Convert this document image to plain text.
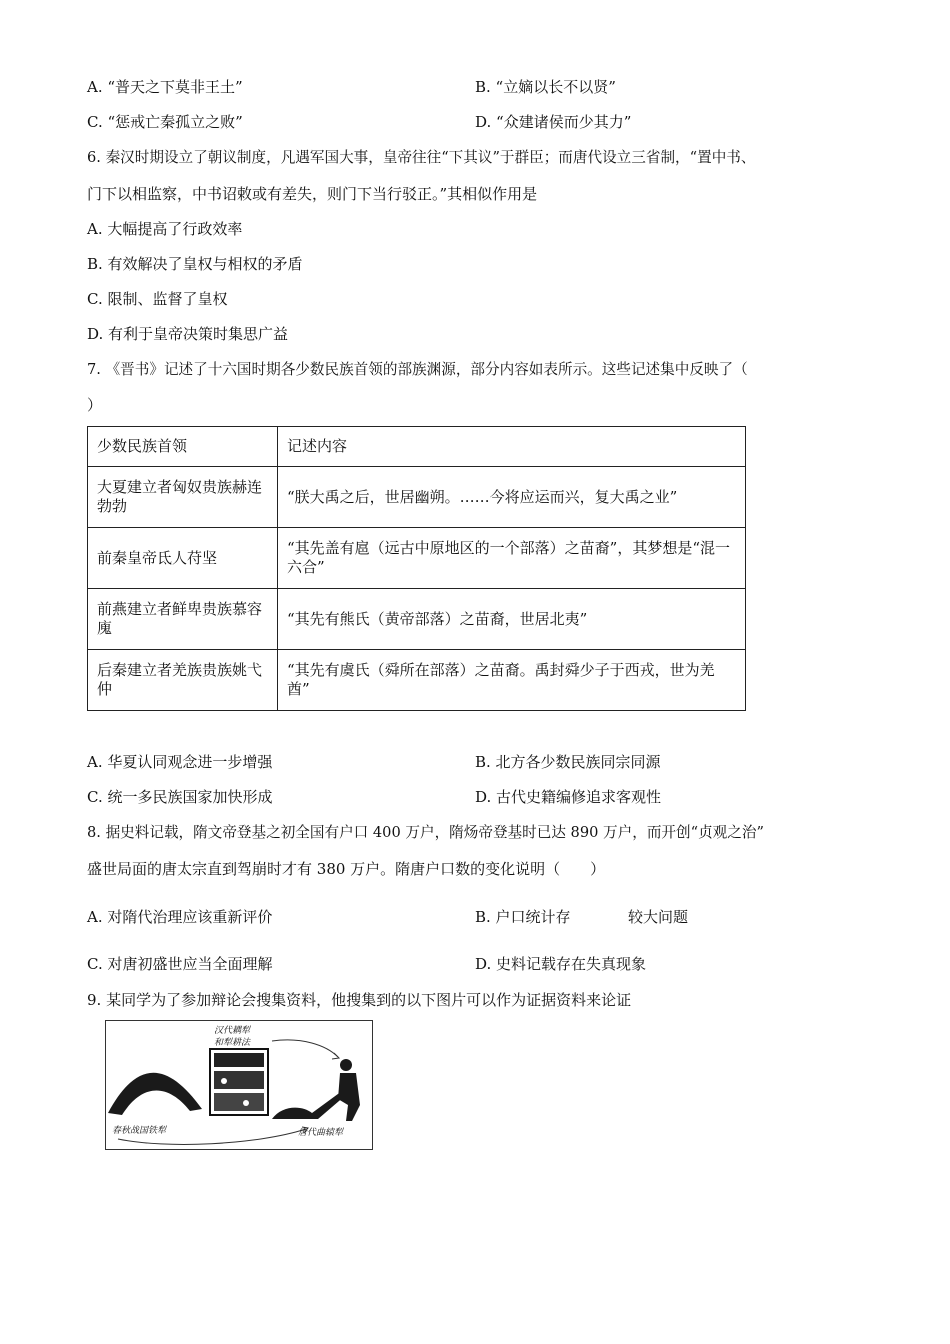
A. “普天之下莫非王土”	B. “立嫡以长不以贤”
C. “惩戒亡秦孤立之败”	D. “众建诸侯而少其力”
6. 秦汉时期设立了朝议制度，凡遇军国大事，皇帝往往“下其议”于群臣；而唐代设立三省制，“置中书、
门下以相监察，中书诏敕或有差失，则门下当行驳正。”其相似作用是
A. 大幅提高了行政效率
B. 有效解决了皇权与相权的矛盾
C. 限制、监督了皇权
D. 有利于皇帝决策时集思广益
7. 《晋书》记述了十六国时期各少数民族首领的部族渊源，部分内容如表所示。这些记述集中反映了（
）
少数民族首领	记述内容
大夏建立者匈奴贵族赫连勃勃	“朕大禹之后，世居幽朔。……今将应运而兴，复大禹之业”
前秦皇帝氐人苻坚	“其先盖有扈（远古中原地区的一个部落）之苗裔”，其梦想是“混一六合”
前燕建立者鲜卑贵族慕容廆	“其先有熊氏（黄帝部落）之苗裔，世居北夷”
后秦建立者羌族贵族姚弋仲	“其先有虞氏（舜所在部落）之苗裔。禹封舜少子于西戎，世为羌酋”
A. 华夏认同观念进一步增强	B. 北方各少数民族同宗同源
C. 统一多民族国家加快形成	D. 古代史籍编修追求客观性
8. 据史料记载，隋文帝登基之初全国有户口 400 万户，隋炀帝登基时已达 890 万户，而开创“贞观之治”
盛世局面的唐太宗直到驾崩时才有 380 万户。隋唐户口数的变化说明（　　）
A. 对隋代治理应该重新评价	B. 户口统计存	较大问题
C. 对唐初盛世应当全面理解	D. 史料记载存在失真现象
9. 某同学为了参加辩论会搜集资料，他搜集到的以下图片可以作为证据资料来论证
汉代耦犁
和犁耕法
春秋战国铁犁	唐代曲辕犁
